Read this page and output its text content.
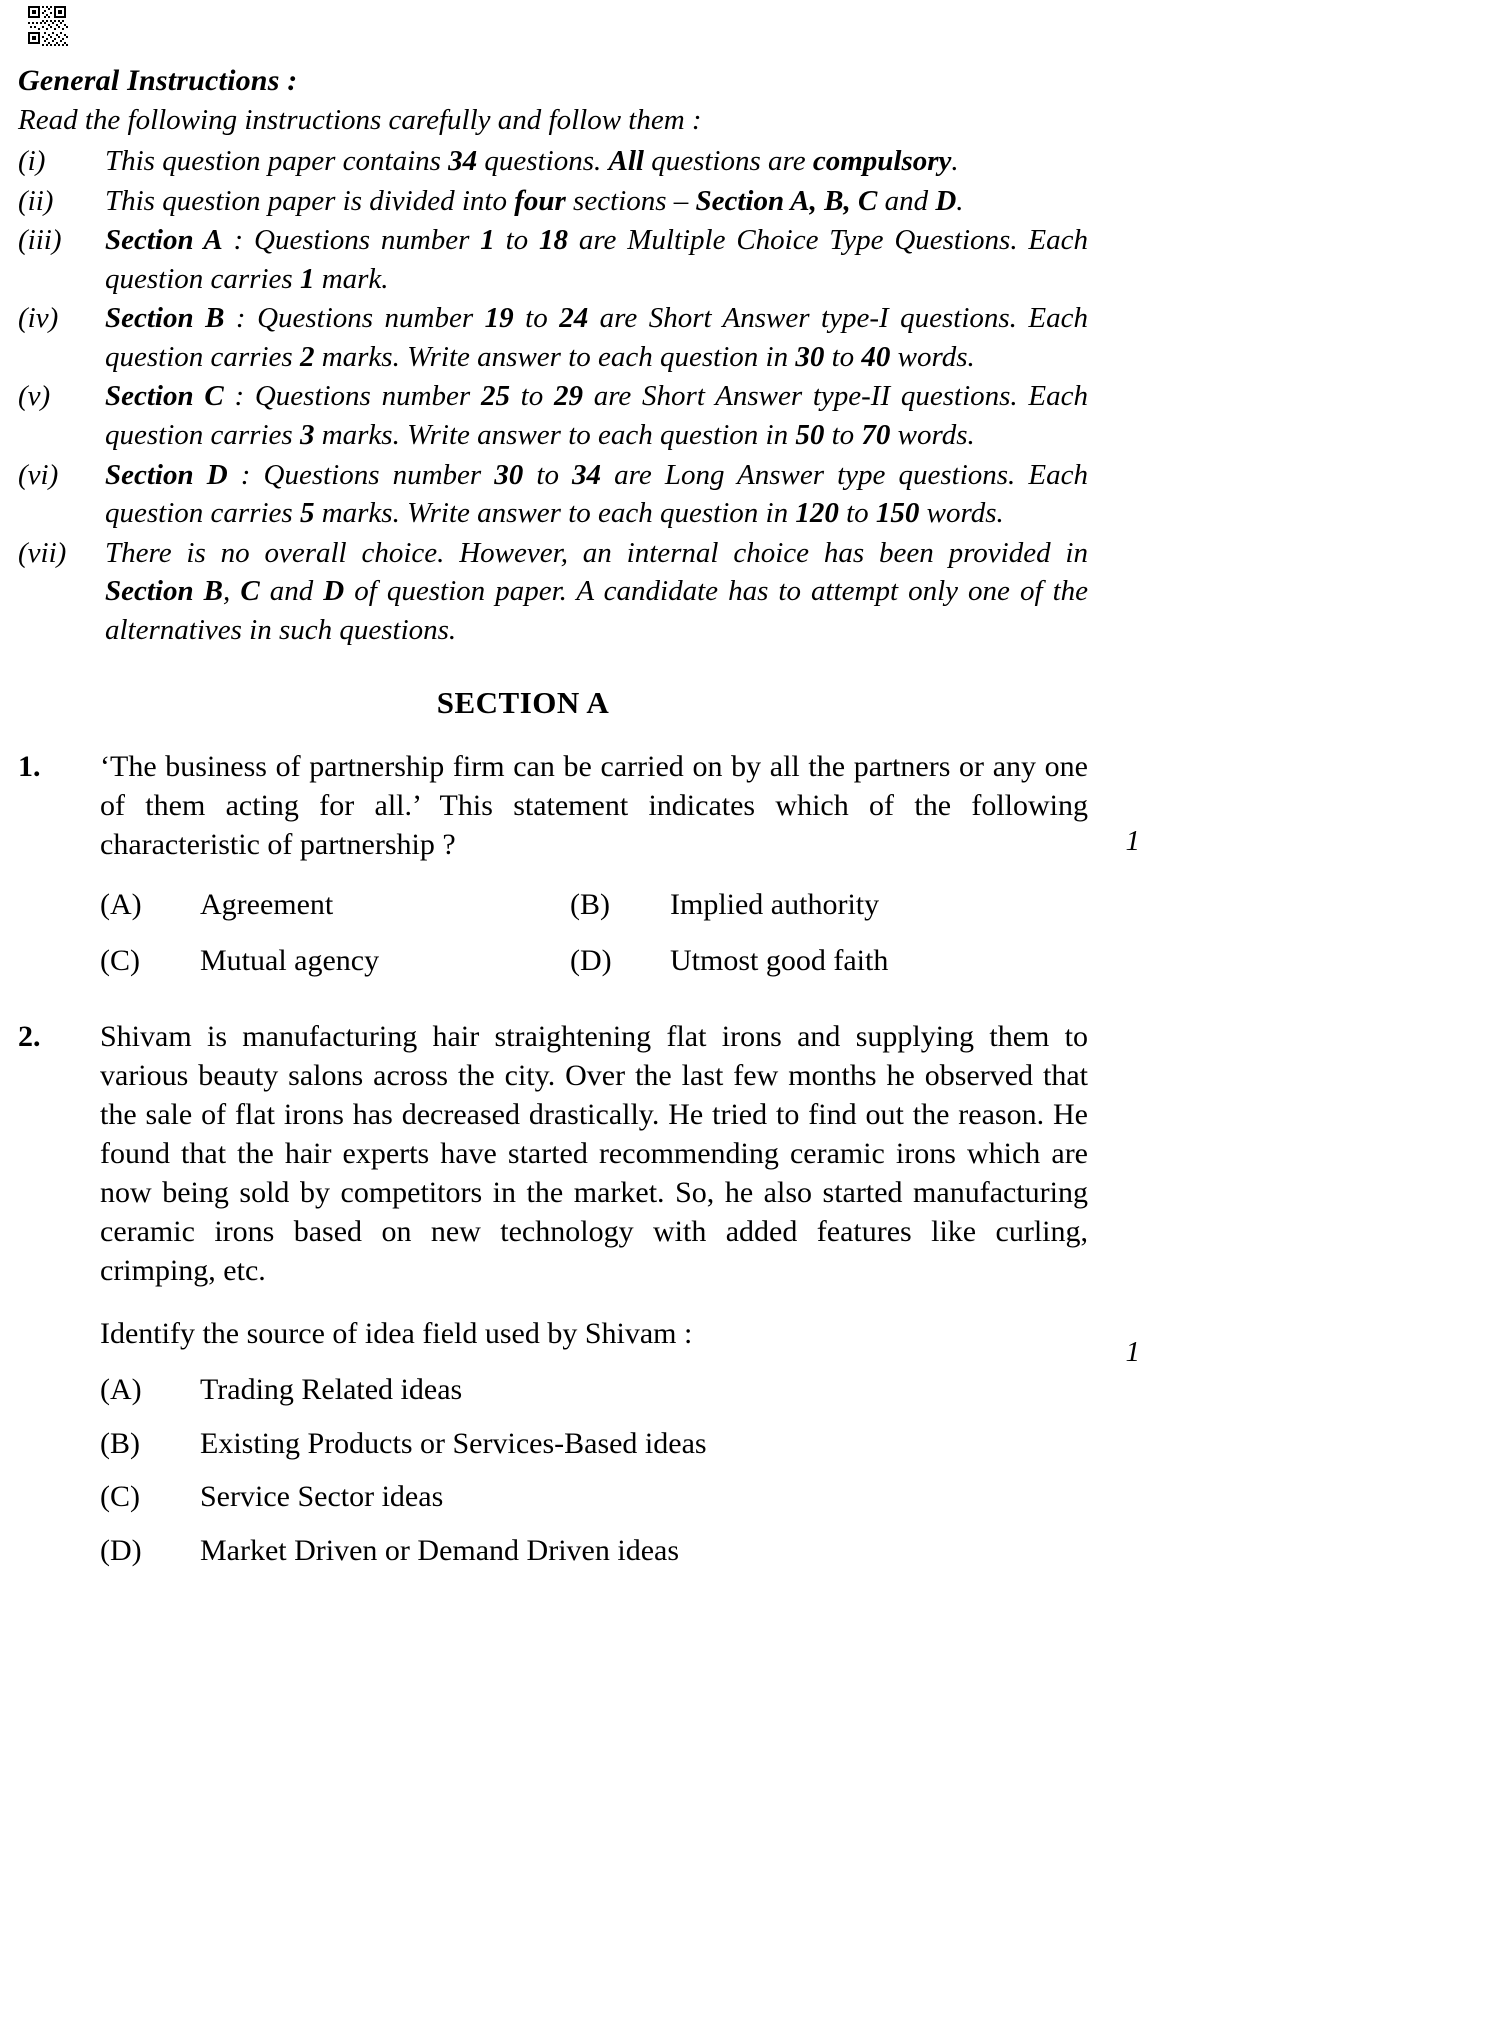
General Instructions :
Read the following instructions carefully and follow them :
(i)	This question paper contains 34 questions. All questions are compulsory.
(ii)	This question paper is divided into four sections – Section A, B, C and D.
(iii)	Section A : Questions number 1 to 18 are Multiple Choice Type Questions. Each question carries 1 mark.
(iv)	Section B : Questions number 19 to 24 are Short Answer type-I questions. Each question carries 2 marks. Write answer to each question in 30 to 40 words.
(v)	Section C : Questions number 25 to 29 are Short Answer type-II questions. Each question carries 3 marks. Write answer to each question in 50 to 70 words.
(vi)	Section D : Questions number 30 to 34 are Long Answer type questions. Each question carries 5 marks. Write answer to each question in 120 to 150 words.
(vii)	There is no overall choice. However, an internal choice has been provided in Section B, C and D of question paper. A candidate has to attempt only one of the alternatives in such questions.
SECTION A
1.	‘The business of partnership firm can be carried on by all the partners or any one of them acting for all.’ This statement indicates which of the following characteristic of partnership ?	1
(A)	Agreement	(B)	Implied authority
(C)	Mutual agency	(D)	Utmost good faith
2.	Shivam is manufacturing hair straightening flat irons and supplying them to various beauty salons across the city. Over the last few months he observed that the sale of flat irons has decreased drastically. He tried to find out the reason. He found that the hair experts have started recommending ceramic irons which are now being sold by competitors in the market. So, he also started manufacturing ceramic irons based on new technology with added features like curling, crimping, etc.
Identify the source of idea field used by Shivam :
1
(A)	Trading Related ideas
(B)	Existing Products or Services-Based ideas
(C)	Service Sector ideas
(D)	Market Driven or Demand Driven ideas
